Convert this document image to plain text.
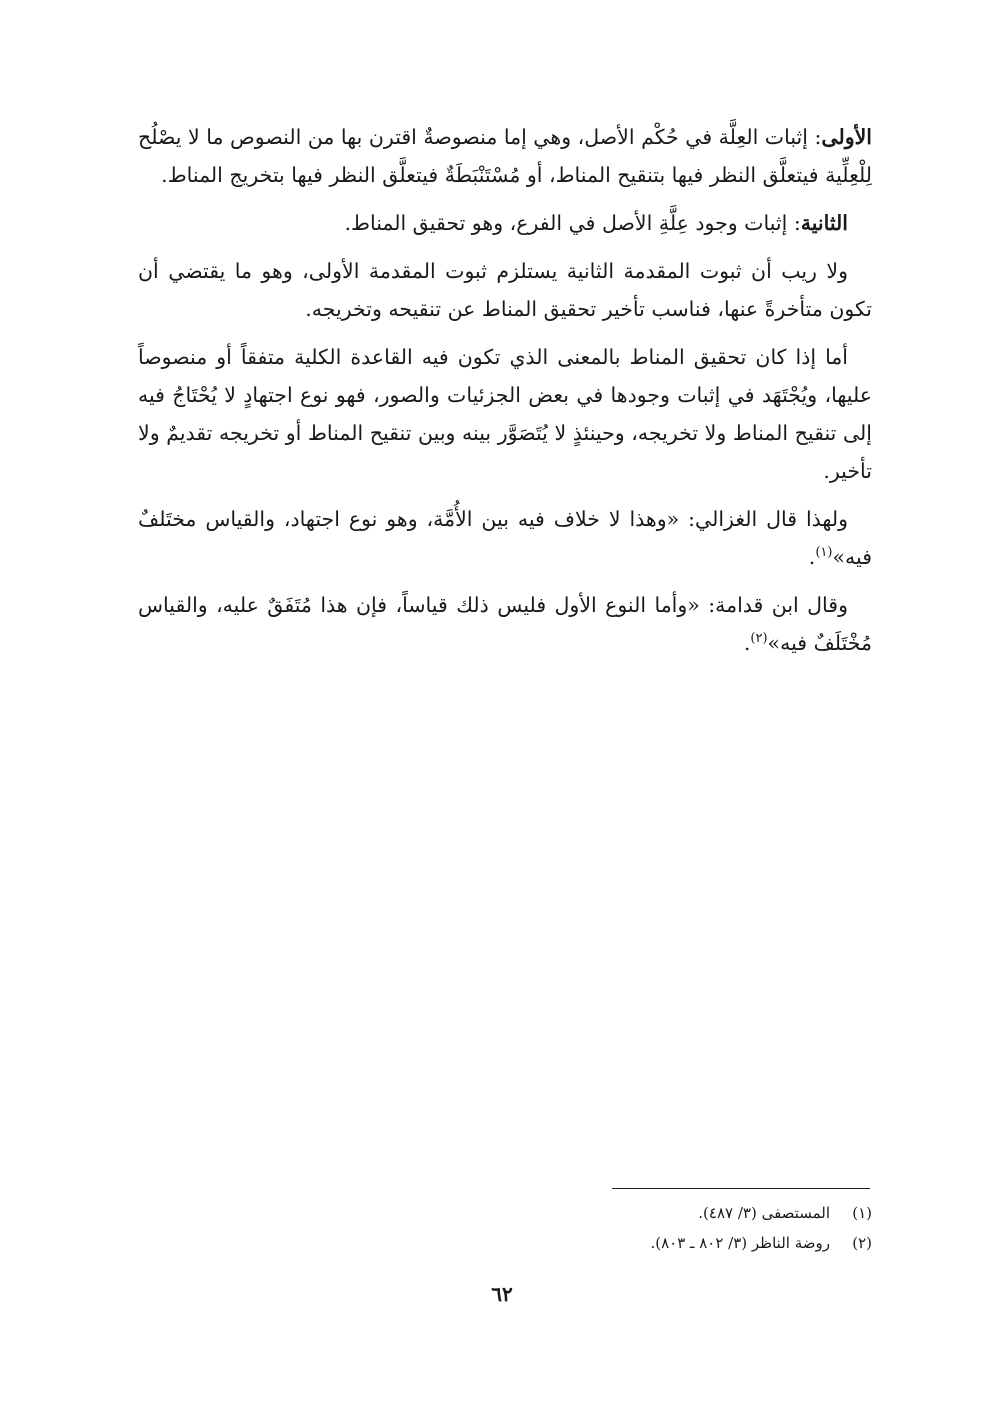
الأولى: إثبات العِلَّة في حُكْم الأصل، وهي إما منصوصةٌ اقترن بها من النصوص ما لا يصْلُح لِلْعِلِّية فيتعلَّق النظر فيها بتنقيح المناط، أو مُسْتَنْبَطَةٌ فيتعلَّق النظر فيها بتخريج المناط.

الثانية: إثبات وجود عِلَّةِ الأصل في الفرع، وهو تحقيق المناط.

ولا ريب أن ثبوت المقدمة الثانية يستلزم ثبوت المقدمة الأولى، وهو ما يقتضي أن تكون متأخرةً عنها، فناسب تأخير تحقيق المناط عن تنقيحه وتخريجه.

أما إذا كان تحقيق المناط بالمعنى الذي تكون فيه القاعدة الكلية متفقاً أو منصوصاً عليها، ويُجْتَهَد في إثبات وجودها في بعض الجزئيات والصور، فهو نوع اجتهادٍ لا يُحْتَاجُ فيه إلى تنقيح المناط ولا تخريجه، وحينئذٍ لا يُتَصَوَّر بينه وبين تنقيح المناط أو تخريجه تقديمٌ ولا تأخير.

ولهذا قال الغزالي: «وهذا لا خلاف فيه بين الأُمَّة، وهو نوع اجتهاد، والقياس مختَلفٌ فيه»$^{(١)}$.

وقال ابن قدامة: «وأما النوع الأول فليس ذلك قياساً، فإن هذا مُتَفَقٌ عليه، والقياس مُخْتَلَفٌ فيه»$^{(٢)}$.

(١)المستصفى (٣/ ٤٨٧).

(٢)روضة الناظر (٣/ ٨٠٢ ـ ٨٠٣).

٦٢
